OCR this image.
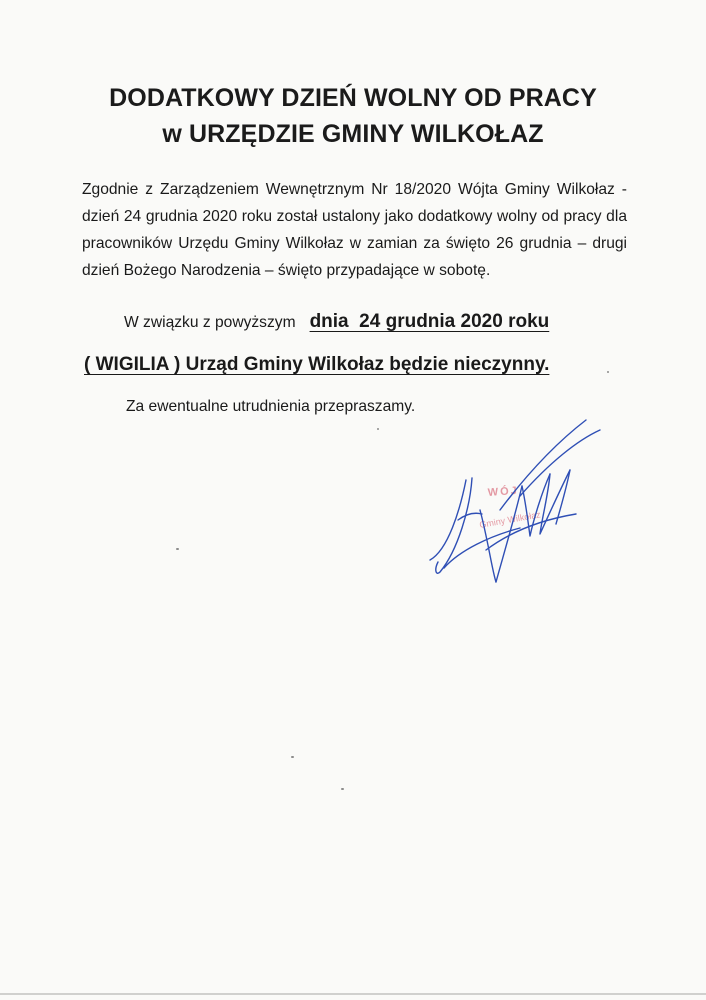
DODATKOWY DZIEŃ WOLNY OD PRACY
w URZĘDZIE GMINY WILKOŁAZ
Zgodnie z Zarządzeniem Wewnętrznym Nr 18/2020 Wójta Gminy Wilkołaz - dzień 24 grudnia 2020 roku został ustalony jako dodatkowy wolny od pracy dla pracowników Urzędu Gminy Wilkołaz w zamian za święto 26 grudnia – drugi dzień Bożego Narodzenia – święto przypadające w sobotę.
W związku z powyższym dnia  24 grudnia 2020 roku
( WIGILIA ) Urząd Gminy Wilkołaz będzie nieczynny.
Za ewentualne utrudnienia przepraszamy.
WÓJ
Gminy Wilkołaz
